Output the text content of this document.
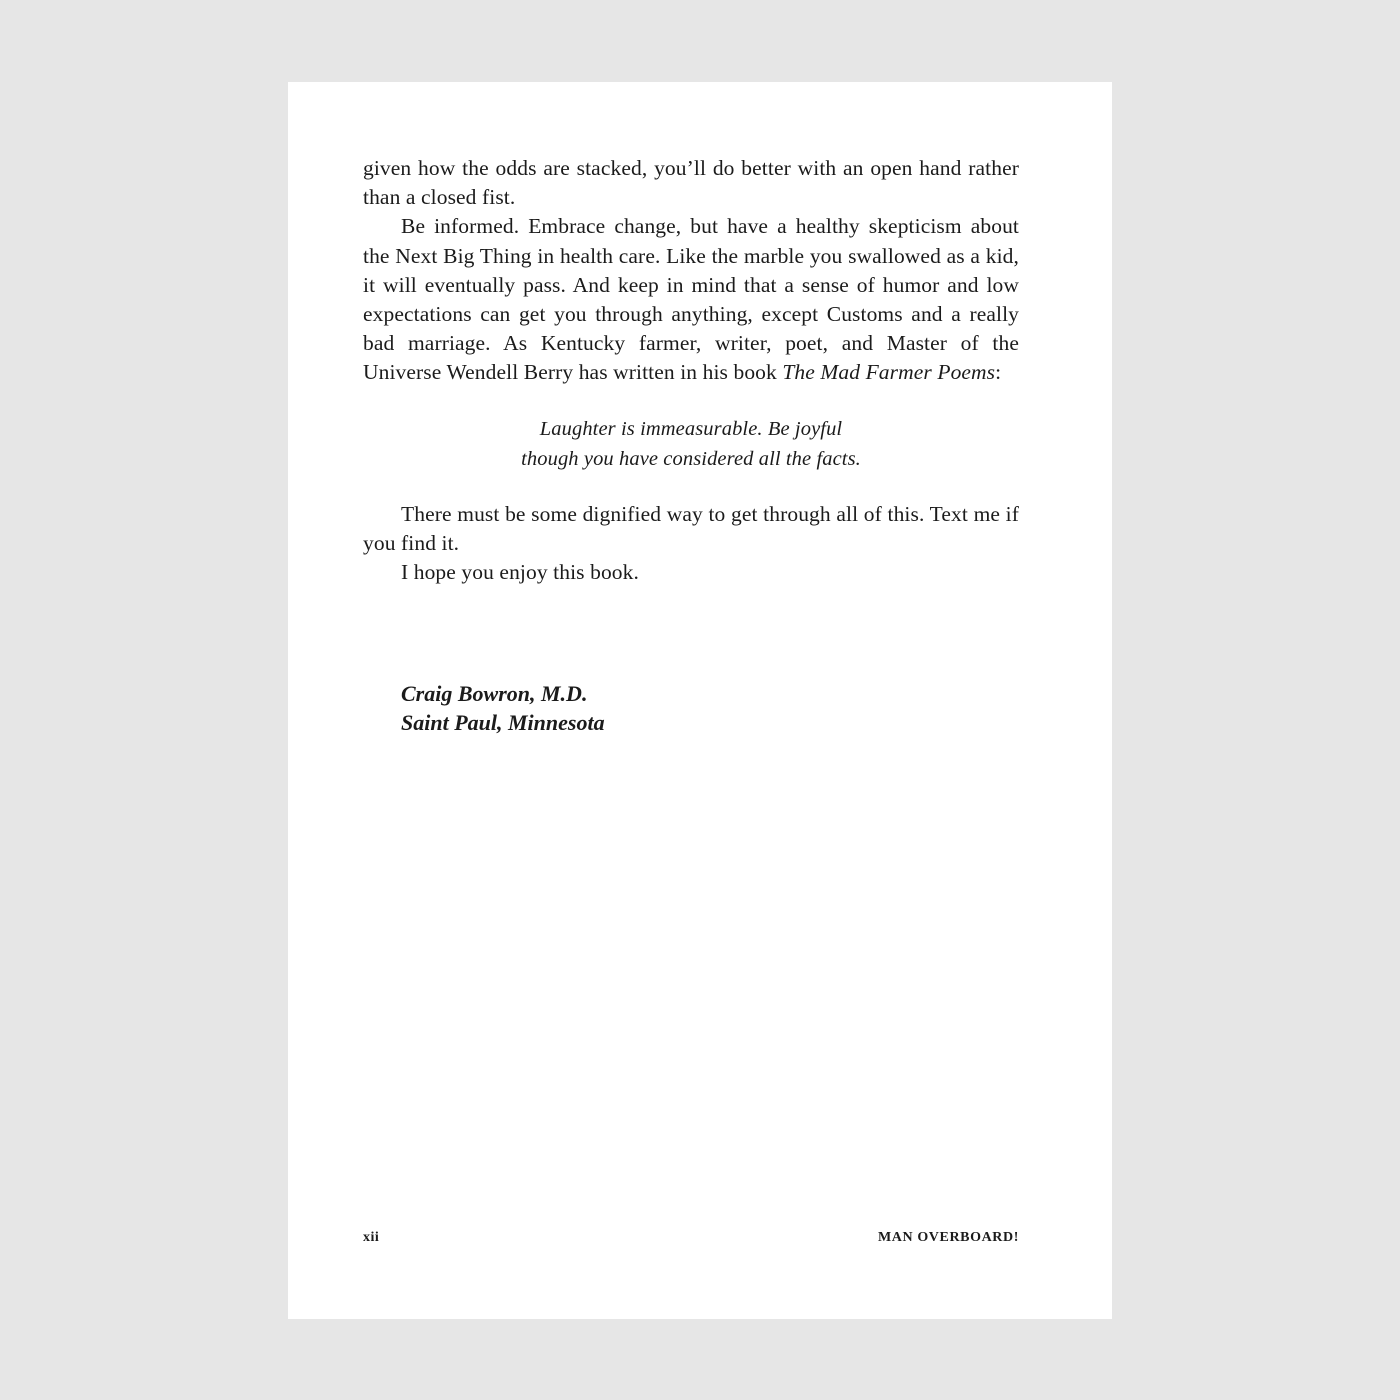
given how the odds are stacked, you’ll do better with an open hand rather than a closed fist.

Be informed. Embrace change, but have a healthy skepticism about the Next Big Thing in health care. Like the marble you swallowed as a kid, it will eventually pass. And keep in mind that a sense of humor and low expectations can get you through anything, except Customs and a really bad marriage. As Kentucky farmer, writer, poet, and Master of the Universe Wendell Berry has written in his book The Mad Farmer Poems:

Laughter is immeasurable. Be joyful
though you have considered all the facts.

There must be some dignified way to get through all of this. Text me if you find it.

I hope you enjoy this book.

Craig Bowron, M.D.
Saint Paul, Minnesota
xii	MAN OVERBOARD!
